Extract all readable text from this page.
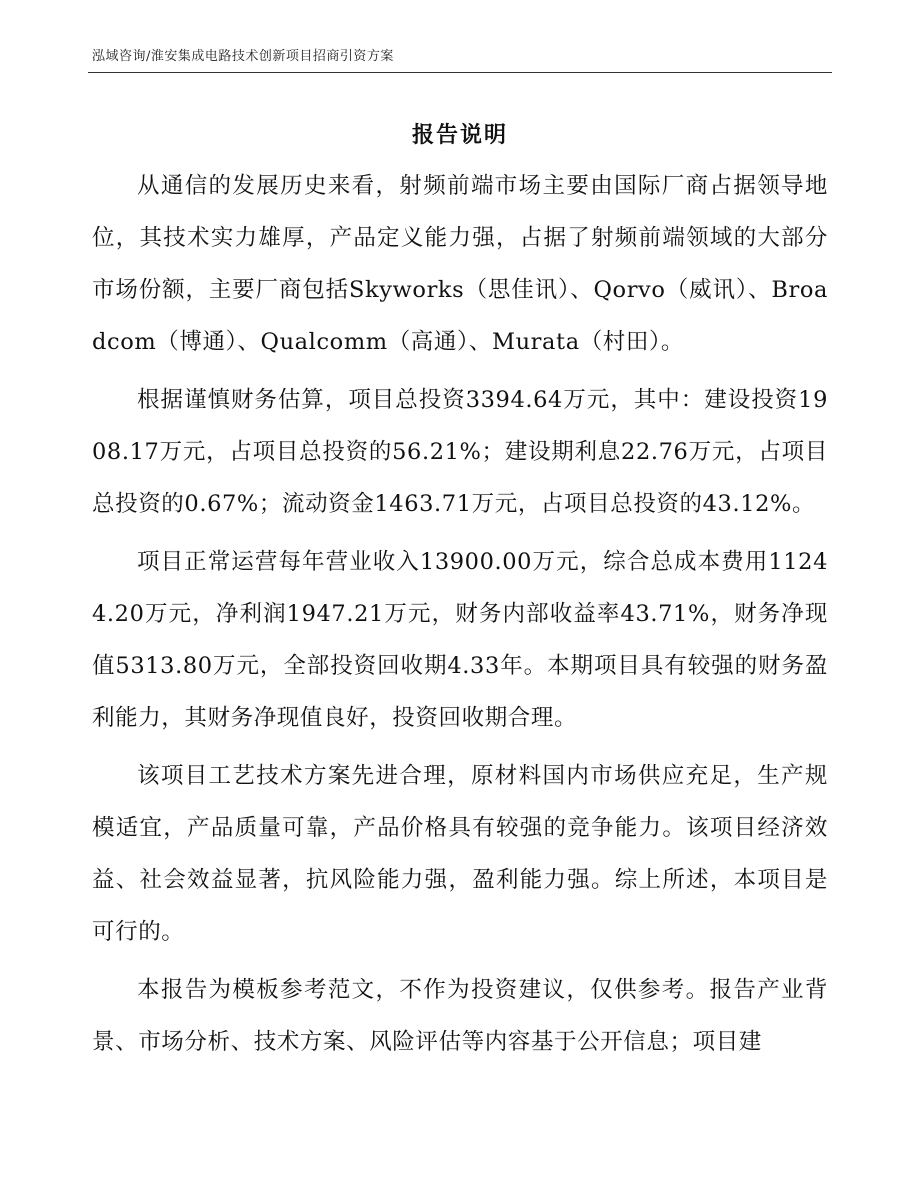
泓域咨询/淮安集成电路技术创新项目招商引资方案
报告说明

从通信的发展历史来看，射频前端市场主要由国际厂商占据领导地位，其技术实力雄厚，产品定义能力强，占据了射频前端领域的大部分市场份额，主要厂商包括Skyworks（思佳讯）、Qorvo（威讯）、Broadcom（博通）、Qualcomm（高通）、Murata（村田）。

根据谨慎财务估算，项目总投资3394.64万元，其中：建设投资1908.17万元，占项目总投资的56.21%；建设期利息22.76万元，占项目总投资的0.67%；流动资金1463.71万元，占项目总投资的43.12%。

项目正常运营每年营业收入13900.00万元，综合总成本费用11244.20万元，净利润1947.21万元，财务内部收益率43.71%，财务净现值5313.80万元，全部投资回收期4.33年。本期项目具有较强的财务盈利能力，其财务净现值良好，投资回收期合理。

该项目工艺技术方案先进合理，原材料国内市场供应充足，生产规模适宜，产品质量可靠，产品价格具有较强的竞争能力。该项目经济效益、社会效益显著，抗风险能力强，盈利能力强。综上所述，本项目是可行的。

本报告为模板参考范文，不作为投资建议，仅供参考。报告产业背景、市场分析、技术方案、风险评估等内容基于公开信息；项目建
